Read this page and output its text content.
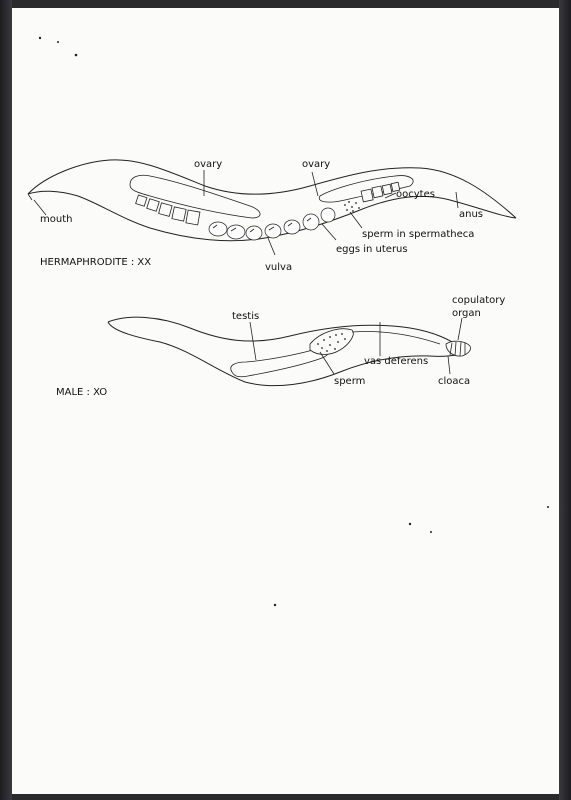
ovary	ovary
mouth
oocytes
sperm in spermatheca
eggs in uterus
vulva
anus
HERMAPHRODITE : XX
testis
copulatory
organ
vas deferens
sperm	cloaca
MALE : XO
